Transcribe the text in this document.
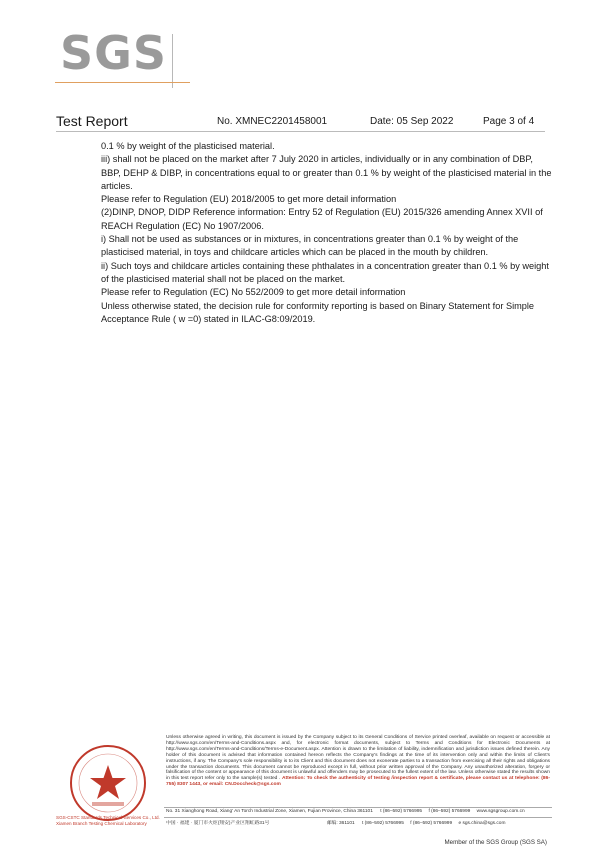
SGS
Test Report	No. XMNEC2201458001	Date: 05 Sep 2022	Page 3 of 4

0.1 % by weight of the plasticised material.

iii) shall not be placed on the market after 7 July 2020 in articles, individually or in any combination of DBP, BBP, DEHP & DIBP, in concentrations equal to or greater than 0.1 % by weight of the plasticised material in the articles.

Please refer to Regulation (EU) 2018/2005 to get more detail information

(2)DINP, DNOP, DIDP Reference information: Entry 52 of Regulation (EU) 2015/326 amending Annex XVII of REACH Regulation (EC) No 1907/2006.

i) Shall not be used as substances or in mixtures, in concentrations greater than 0.1 % by weight of the plasticised material, in toys and childcare articles which can be placed in the mouth by children.

ii) Such toys and childcare articles containing these phthalates in a concentration greater than 0.1 % by weight of the plasticised material shall not be placed on the market.

Please refer to Regulation (EC) No 552/2009 to get more detail information

Unless otherwise stated, the decision rule for conformity reporting is based on Binary Statement for Simple Acceptance Rule ( w =0) stated in ILAC-G8:09/2019.

SGS-CSTC Standards Technical Services Co., Ltd. Xiamen Branch Testing Chemical Laboratory
Unless otherwise agreed in writing, this document is issued by the Company subject to its General Conditions of Service printed overleaf, available on request or accessible at http://www.sgs.com/en/Terms-and-Conditions.aspx and, for electronic format documents, subject to Terms and Conditions for Electronic Documents at http://www.sgs.com/en/Terms-and-Conditions/Terms-e-Document.aspx. Attention is drawn to the limitation of liability, indemnification and jurisdiction issues defined therein. Any holder of this document is advised that information contained hereon reflects the Company's findings at the time of its intervention only and within the limits of Client's instructions, if any. The Company's sole responsibility is to its Client and this document does not exonerate parties to a transaction from exercising all their rights and obligations under the transaction documents. This document cannot be reproduced except in full, without prior written approval of the Company. Any unauthorized alteration, forgery or falsification of the content or appearance of this document is unlawful and offenders may be prosecuted to the fullest extent of the law. Unless otherwise stated the results shown in this test report refer only to the sample(s) tested . Attention: To check the authenticity of testing /inspection report & certificate, please contact us at telephone: (86-755) 8307 1443, or email: CN.Doccheck@sgs.com
No. 31 Xianghong Road, Xiang' An Torch Industrial Zone, Xiamen, Fujian Province, China 361101 t (86–592) 5766995 f (86–592) 5766999 www.sgsgroup.com.cn
中国 · 福建 · 厦门市火炬(翔安)产业区翔虹路31号	邮编: 361101 t (86–592) 5766995 f (86–592) 5766999 e sgs.china@sgs.com
Member of the SGS Group (SGS SA)
